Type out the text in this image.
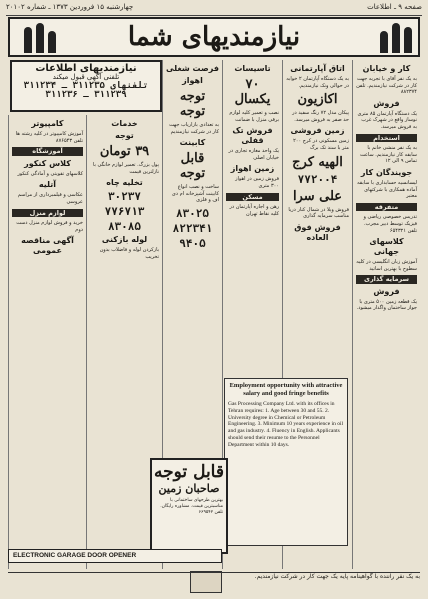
صفحه ۹ ـ اطلاعات
چهارشنبه ۱۵ فروردین ۱۳۷۳ ـ شماره ۲۰۱۰۲
نیازمندیهای شما
کار و خیابان

به یک نفر آقای با تجربه جهت کار در شرکت نیازمندیم. تلفن ۸۸۲۳۷۴

فروش

یک دستگاه آپارتمان ۸۵ متری نوساز واقع در شهرک غرب به فروش میرسد.

استخدام

به یک نفر منشی خانم با سابقه کار نیازمندیم. ساعت تماس ۹ الی ۱۲

جویندگان کار

لیسانسیه حسابداری با سابقه آماده همکاری با شرکتهای معتبر

متفرقه

تدریس خصوصی ریاضی و فیزیک توسط دبیر مجرب. تلفن ۶۵۴۳۲۱

کلاسهای جهانی

آموزش زبان انگلیسی در کلیه سطوح با بهترین اساتید

سرمایه گذاری
فروش

یک قطعه زمین ۵۰۰ متری با جواز ساختمان واگذار میشود.

اتاق آپارتمانی

به یک دستگاه آپارتمان ۲ خوابه در حوالی ونک نیازمندیم.

اکازیون

پیکان مدل ۷۲ رنگ سفید در حد صفر به فروش میرسد.

زمین فروشی

زمین مسکونی در کرج ۲۰۰ متر با سند تک برگ

الهیه کرج
۷۷۲۰۰۴
علی سرا

فروش ویلا در شمال کنار دریا مناسب سرمایه گذاری

فروش فوق العاده
تاسیسات
۷۰ یکسال

نصب و تعمیر کلیه لوازم برقی منزل با ضمانت

فروش تک قفلی

یک واحد مغازه تجاری در خیابان اصلی

زمین اهواز

فروش زمین در اهواز ۳۰۰ متری

مسکن

رهن و اجاره آپارتمان در کلیه نقاط تهران

فرصت شغلی
اهواز
توجه توجه

به تعدادی بازاریاب جهت کار در شرکت نیازمندیم

کابینت
قابل توجه

ساخت و نصب انواع کابینت آشپزخانه ام دی اف و فلزی

۸۳۰۲۵
۸۲۲۳۴۱
۹۴۰۵
خدمات
توجه
۳۹ تومان

پول بزرگ. تعمیر لوازم خانگی با نازلترین قیمت

تخلیه چاه
۳۰۲۳۷
۷۷۶۷۱۳
۸۳۰۸۵
لوله بازکنی

بازکردن لوله و فاضلاب بدون تخریب

کامپیوتر

آموزش کامپیوتر در کلیه رشته ها تلفن ۸۷۶۵۴۳

آموزشگاه
کلاس کنکور

کلاسهای تقویتی و آمادگی کنکور

آتلیه

عکاسی و فیلمبرداری از مراسم عروسی

لوازم منزل

خرید و فروش لوازم منزل دست دوم

آگهی مناقصه عمومی
نیازمندیهای اطلاعات
تلفنی آگهی قبول میکند
تلفنهای ۳۱۱۲۳۵ ـ ۳۱۱۲۳۴
۳۱۱۲۳۹ ـ ۳۱۱۲۳۶
Employment opportunity with attractive salary and good fringe benefits
Gas Processing Company Ltd. with its offices in Tehran requires: 1. Age between 30 and 55. 2. University degree in Chemical or Petroleum Engineering. 3. Minimum 10 years experience in oil and gas industry. 4. Fluency in English. Applicants should send their resume to the Personnel Department within 10 days.
قابل توجه
صاحبان زمین
بهترین طرحهای ساختمانی با مناسبترین قیمت. مشاوره رایگان. تلفن ۶۶۹۵۴۲
ELECTRONIC GARAGE DOOR OPENER
به یک نفر راننده با گواهینامه پایه یک جهت کار در شرکت نیازمندیم.
